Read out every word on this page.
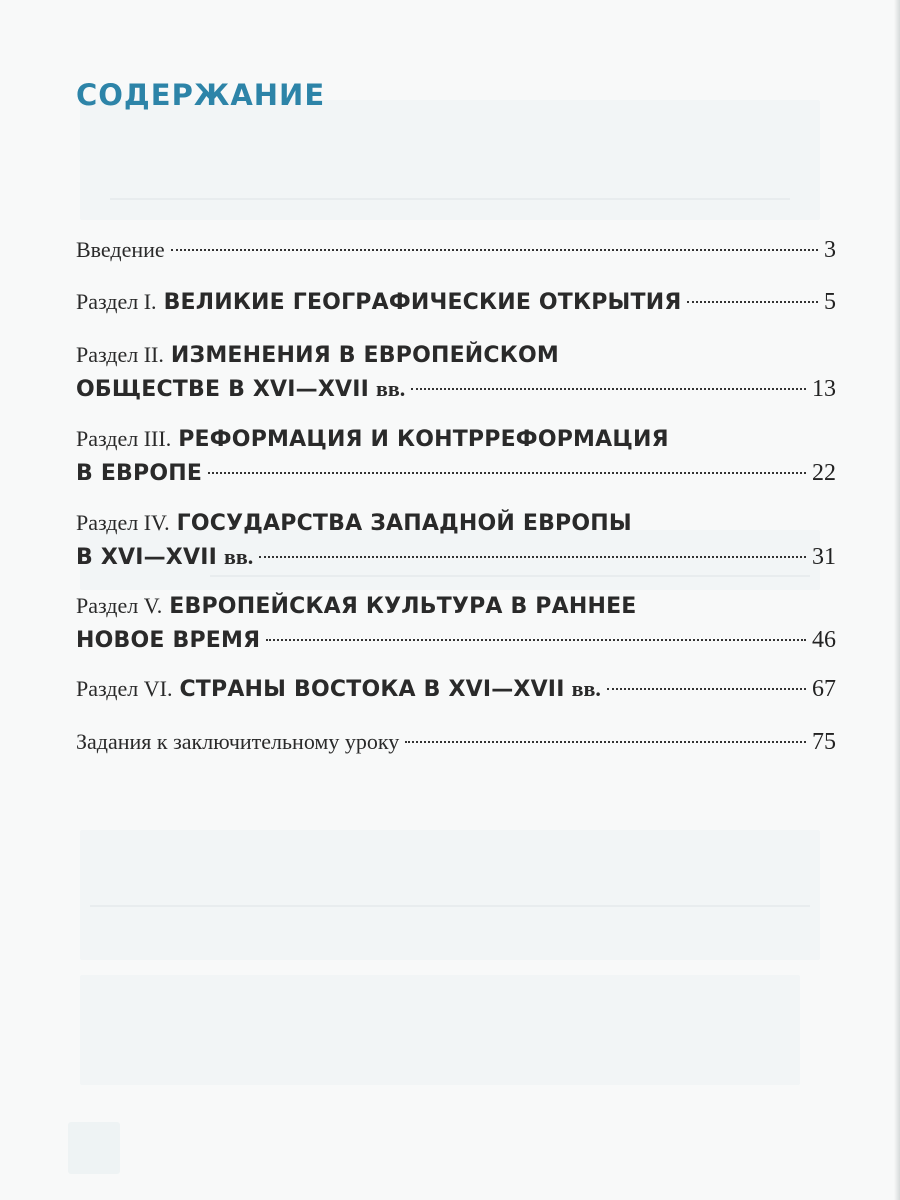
СОДЕРЖАНИЕ
Введение	3
Раздел I. ВЕЛИКИЕ ГЕОГРАФИЧЕСКИЕ ОТКРЫТИЯ	5
Раздел II. ИЗМЕНЕНИЯ В ЕВРОПЕЙСКОМ
ОБЩЕСТВЕ В XVI—XVII вв.	13
Раздел III. РЕФОРМАЦИЯ И КОНТРРЕФОРМАЦИЯ
В ЕВРОПЕ	22
Раздел IV. ГОСУДАРСТВА ЗАПАДНОЙ ЕВРОПЫ
В XVI—XVII вв.	31
Раздел V. ЕВРОПЕЙСКАЯ КУЛЬТУРА В РАННЕЕ
НОВОЕ ВРЕМЯ	46
Раздел VI. СТРАНЫ ВОСТОКА В XVI—XVII вв.	67
Задания к заключительному уроку	75
